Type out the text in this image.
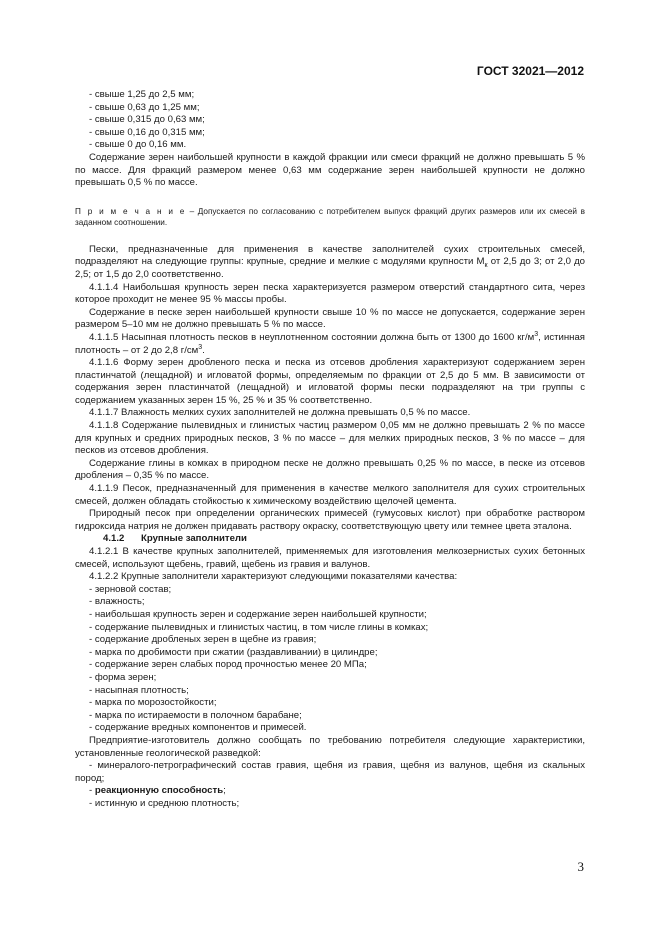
ГОСТ 32021—2012

- свыше 1,25 до 2,5 мм;

- свыше 0,63 до 1,25 мм;

- свыше 0,315 до 0,63 мм;

- свыше 0,16 до 0,315 мм;

- свыше 0 до 0,16 мм.

Содержание зерен наибольшей крупности в каждой фракции или смеси фракций не должно превышать 5 % по массе. Для фракций размером менее 0,63 мм содержание зерен наибольшей крупности не должно превышать 0,5 % по массе.

П р и м е ч а н и е – Допускается по согласованию с потребителем выпуск фракций других размеров или их смесей в заданном соотношении.

Пески, предназначенные для применения в качестве заполнителей сухих строительных смесей, подразделяют на следующие группы: крупные, средние и мелкие с модулями крупности $М_к$ от 2,5 до 3; от 2,0 до 2,5; от 1,5 до 2,0 соответственно.

4.1.1.4 Наибольшая крупность зерен песка характеризуется размером отверстий стандартного сита, через которое проходит не менее 95 % массы пробы.

Содержание в песке зерен наибольшей крупности свыше 10 % по массе не допускается, содержание зерен размером 5–10 мм не должно превышать 5 % по массе.

4.1.1.5 Насыпная плотность песков в неуплотненном состоянии должна быть от 1300 до 1600 $кг/м^3$, истинная плотность – от 2 до 2,8 $г/см^3$.

4.1.1.6 Форму зерен дробленого песка и песка из отсевов дробления характеризуют содержанием зерен пластинчатой (лещадной) и игловатой формы, определяемым по фракции от 2,5 до 5 мм. В зависимости от содержания зерен пластинчатой (лещадной) и игловатой формы пески подразделяют на три группы с содержанием указанных зерен 15 %, 25 % и 35 % соответственно.

4.1.1.7 Влажность мелких сухих заполнителей не должна превышать 0,5 % по массе.

4.1.1.8 Содержание пылевидных и глинистых частиц размером 0,05 мм не должно превышать 2 % по массе для крупных и средних природных песков, 3 % по массе – для мелких природных песков, 3 % по массе – для песков из отсевов дробления.

Содержание глины в комках в природном песке не должно превышать 0,25 % по массе, в песке из отсевов дробления – 0,35 % по массе.

4.1.1.9 Песок, предназначенный для применения в качестве мелкого заполнителя для сухих строительных смесей, должен обладать стойкостью к химическому воздействию щелочей цемента.

Природный песок при определении органических примесей (гумусовых кислот) при обработке раствором гидроксида натрия не должен придавать раствору окраску, соответствующую цвету или темнее цвета эталона.

4.1.2 Крупные заполнители

4.1.2.1 В качестве крупных заполнителей, применяемых для изготовления мелкозернистых сухих бетонных смесей, используют щебень, гравий, щебень из гравия и валунов.

4.1.2.2 Крупные заполнители характеризуют следующими показателями качества:

- зерновой состав;

- влажность;

- наибольшая крупность зерен и содержание зерен наибольшей крупности;

- содержание пылевидных и глинистых частиц, в том числе глины в комках;

- содержание дробленых зерен в щебне из гравия;

- марка по дробимости при сжатии (раздавливании) в цилиндре;

- содержание зерен слабых пород прочностью менее 20 МПа;

- форма зерен;

- насыпная плотность;

- марка по морозостойкости;

- марка по истираемости в полочном барабане;

- содержание вредных компонентов и примесей.

Предприятие-изготовитель должно сообщать по требованию потребителя следующие характеристики, установленные геологической разведкой:

- минералого-петрографический состав гравия, щебня из гравия, щебня из валунов, щебня из скальных пород;

- реакционную способность;

- истинную и среднюю плотность;

3
